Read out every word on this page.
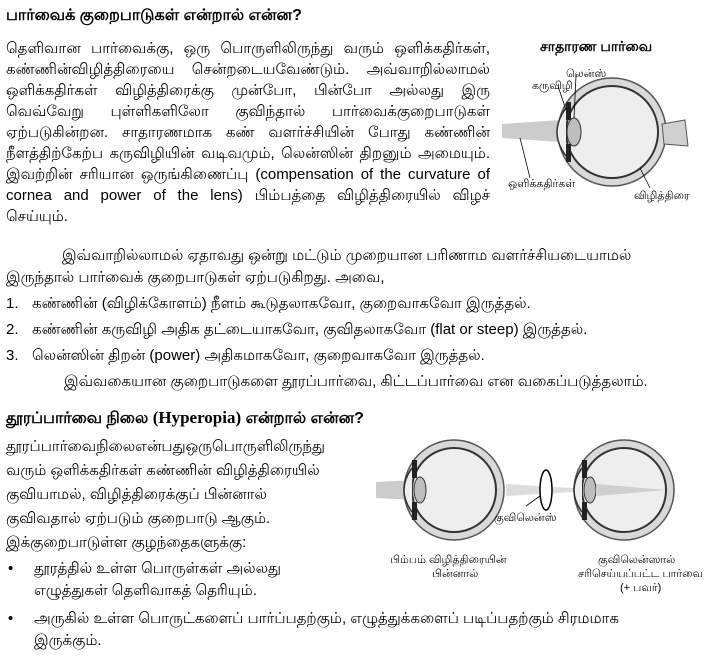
பார்வைக் குறைபாடுகள் என்றால் என்ன?
தெளிவான பார்வைக்கு, ஒரு பொருளிலிருந்து வரும் ஒளிக்கதிர்கள், கண்ணின்விழித்திரையை சென்றடையவேண்டும். அவ்வாறில்லாமல் ஒளிக்கதிர்கள் விழித்திரைக்கு முன்போ, பின்போ அல்லது இரு வெவ்வேறு புள்ளிகளிலோ குவிந்தால் பார்வைக்குறைபாடுகள் ஏற்படுகின்றன. சாதாரணமாக கண் வளர்ச்சியின் போது கண்ணின் நீளத்திற்கேற்ப கருவிழியின் வடிவமும், லென்ஸின் திறனும் அமையும். இவற்றின் சரியான ஒருங்கிணைப்பு (compensation of the curvature of cornea and power of the lens) பிம்பத்தை விழித்திரையில் விழச் செய்யும்.
சாதாரண பார்வை
லென்ஸ்
கருவிழி
ஒளிக்கதிர்கள்
விழித்திரை
இவ்வாறில்லாமல் ஏதாவது ஒன்று மட்டும் முறையான பரிணாம வளர்ச்சியடையாமல்
இருந்தால் பார்வைக் குறைபாடுகள் ஏற்படுகிறது. அவை,
1. கண்ணின் (விழிக்கோளம்) நீளம் கூடுதலாகவோ, குறைவாகவோ இருத்தல்.
2. கண்ணின் கருவிழி அதிக தட்டையாகவோ, குவிதலாகவோ (flat or steep) இருத்தல்.
3. லென்ஸின் திறன் (power) அதிகமாகவோ, குறைவாகவோ இருத்தல்.
இவ்வகையான குறைபாடுகளை தூரப்பார்வை, கிட்டப்பார்வை என வகைப்படுத்தலாம்.
தூரப்பார்வை நிலை (Hyperopia) என்றால் என்ன?
தூரப்பார்வைநிலைஎன்பதுஒருபொருளிலிருந்து
வரும் ஒளிக்கதிர்கள் கண்ணின் விழித்திரையில்
குவியாமல், விழித்திரைக்குப் பின்னால்
குவிவதால் ஏற்படும் குறைபாடு ஆகும்.
இக்குறைபாடுள்ள குழந்தைகளுக்கு:
• தூரத்தில் உள்ள பொருள்கள் அல்லது
எழுத்துகள் தெளிவாகத் தெரியும்.
• அருகில் உள்ள பொருட்களைப் பார்ப்பதற்கும், எழுத்துக்களைப் படிப்பதற்கும் சிரமமாக
இருக்கும்.
குவிலென்ஸ்
பிம்பம் விழித்திரையின்
பின்னால்
குவிலென்ஸால்
சரிசெய்யப்பட்ட பார்வை
(+ பவர்)
